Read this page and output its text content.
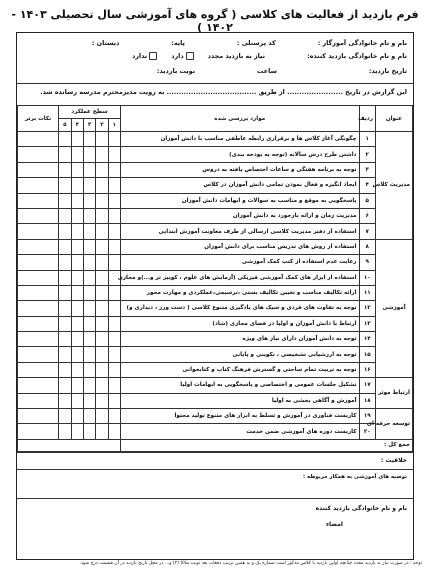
فرم بازدید از فعالیت های کلاسی ( گروه های آموزشی سال تحصیلی ۱۴۰۳ - ۱۴۰۲ )
نام و نام خانوادگی آموزگار :
کد پرسنلی :
پایه:
دبستان :
نام و نام خانوادگی بازدید کننده:
نیاز به بازدید مجدد
دارد
ندارد
تاریخ بازدید:
ساعت
نوبت بازدید:
این گزارش در تاریخ ....................... از طریق ..................................... به رویت مدیرمحترم مدرسه رسانده شد.
عنوان	ردیف	موارد بررسی شده	سطح عملکرد					نکات برتر
			۱	۲	۳	۴	۵	
مدیریت کلاس	۱	چگونگی آغاز کلاس ها و برقراری رابطه عاطفی مناسب با دانش آموزان						
	۲	داشتن طرح درس سالانه (توجه به بودجه بندی)						
	۳	توجه به برنامه هفتگی و ساعات اختصاص یافته به دروس						
	۴	ایجاد انگیزه و فعال نمودن تمامی دانش آموزان در کلاس						
	۵	پاسخگویی به موقع و مناسب به سوالات و ابهامات دانش آموزان						
	۶	مدیریت زمان و ارائه بازخورد به دانش آموزان						
	۷	استفاده از دفتر مدیریت کلاسی ارسالی از طرف معاونت آموزش ابتدایی						
آموزشی	۸	استفاده از روش های تدریس مناسب برای دانش آموزان						
	۹	رعایت عدم استفاده از کتب کمک آموزشی						
	۱۰	استفاده از ابزار های کمک آموزشی فیزیکی (آزمایش های علوم ، کوییز تر و...)و مجازی						
	۱۱	ارائه تکالیف مناسب و تعیین تکالیف بستی ،ترسیمی،عملکردی و مهارت محور						
	۱۲	توجه به تفاوت های فردی و سبک های یادگیری متنوع کلاسی ( دست ورز ، دیداری و)						
	۱۳	ارتباط با دانش آموزان و اولیا در فضای مجازی (شاد)						
	۱۴	توجه به دانش آموزان دارای نیاز های ویژه						
	۱۵	توجه به ارزشیابی تشخیصی ، تکوینی و پایانی						
	۱۶	توجه به تربیت تمام ساحتی و گسترش فرهنگ کتاب و کتابخوانی						
ارتباط موثر	۱۷	تشکیل جلسات عمومی و اختصاصی و پاسخگویی به ابهامات اولیا						
	۱۸	آموزش و آگاهی بخشی به اولیا						
توسعه حرفه ای	۱۹	کاربست فناوری در آموزش و تسلط به ابزار های متنوع تولید محتوا						
	۲۰	کاربست دوره های آموزشی ضمن خدمت						
جمع کل :								
خلاقیت :
توصیه های آموزشی به همکار مربوطه :
نام و نام خانوادگی بازدید کننده
امضاء
توجه : در صورت نیاز به بازدید مجدد چنانچه اولین بازدید با کلاس مذکور است شماره یک و به همین ترتیب دفعات بعد نوبت ملاکا (۲) و... در محل تاریخ بازدید در آن قسمت درج شود.
